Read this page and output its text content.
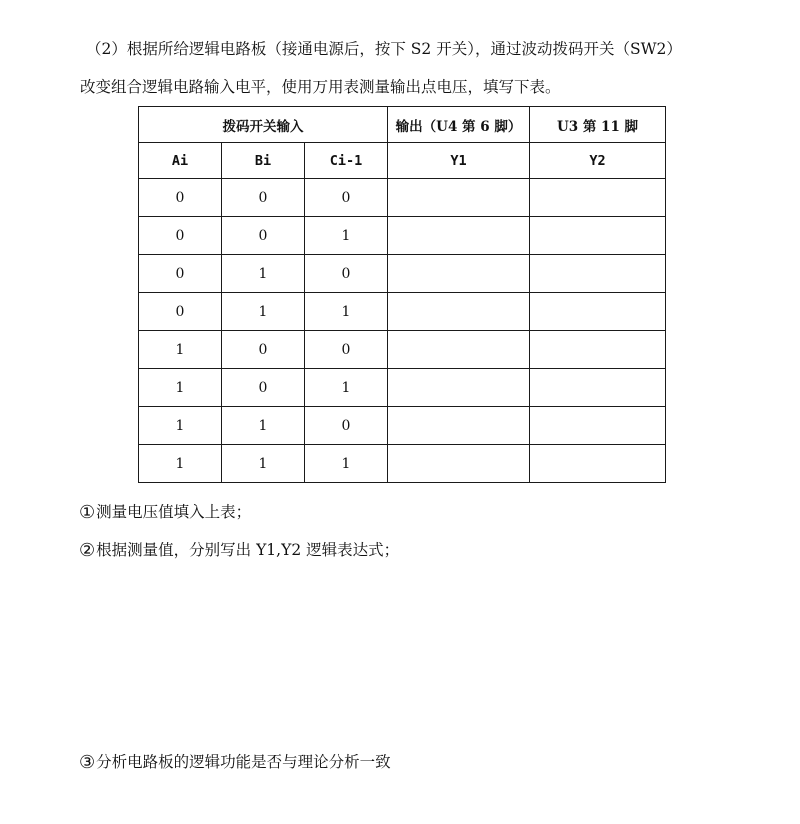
（2）根据所给逻辑电路板（接通电源后，按下 S2 开关），通过波动拨码开关（SW2）
改变组合逻辑电路输入电平，使用万用表测量输出点电压，填写下表。
拨码开关输入			输出（U4 第 6 脚）	U3 第 11 脚
Ai	Bi	Ci-1	Y1	Y2
0	0	0		
0	0	1		
0	1	0		
0	1	1		
1	0	0		
1	0	1		
1	1	0		
1	1	1		
①测量电压值填入上表；
②根据测量值，分别写出 Y1,Y2 逻辑表达式；
③分析电路板的逻辑功能是否与理论分析一致
